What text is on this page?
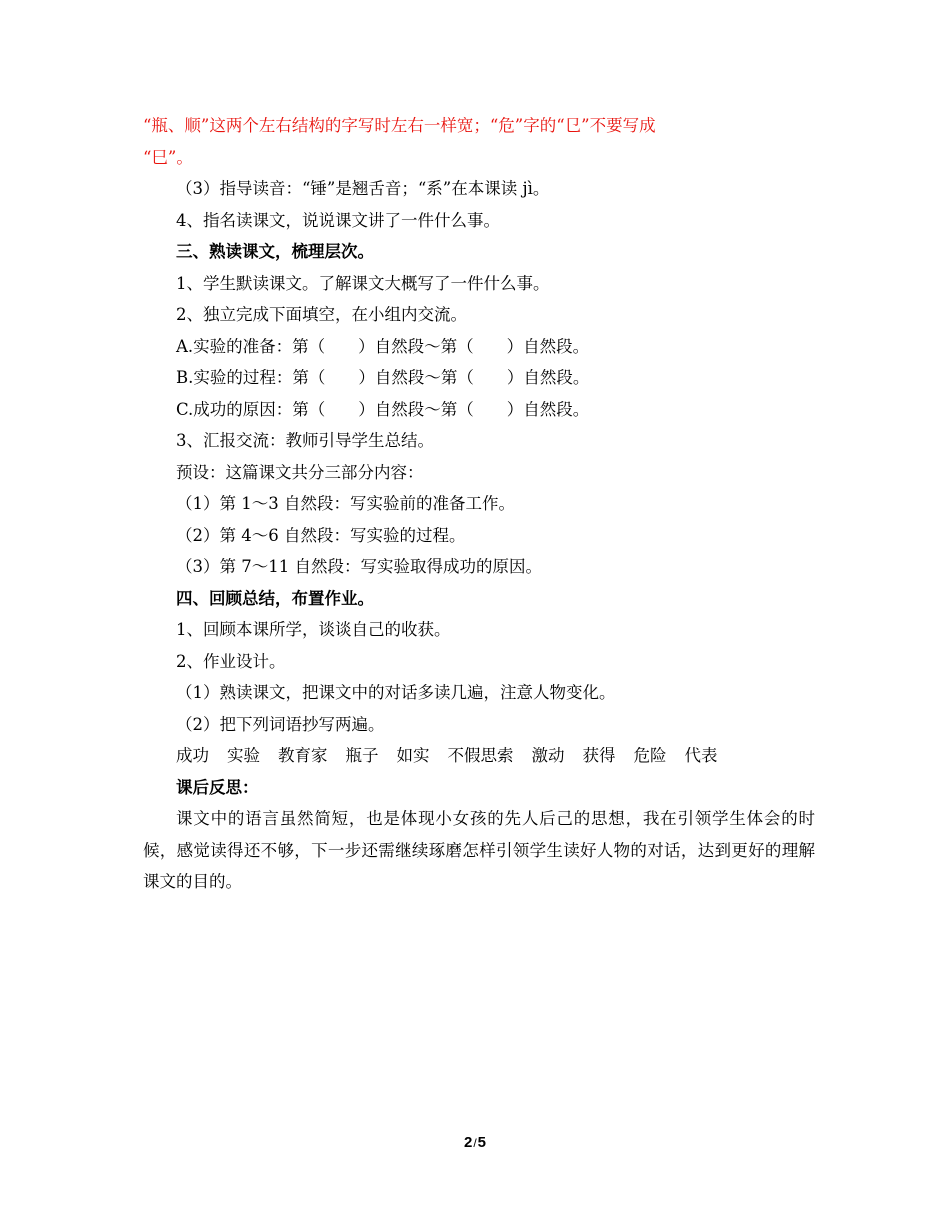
“瓶、顺”这两个左右结构的字写时左右一样宽；“危”字的“㔾”不要写成
“巳”。
（3）指导读音：“锤”是翘舌音；“系”在本课读 jì。
4、指名读课文，说说课文讲了一件什么事。
三、熟读课文，梳理层次。
1、学生默读课文。了解课文大概写了一件什么事。
2、独立完成下面填空，在小组内交流。
A.实验的准备：第（　　）自然段～第（　　）自然段。
B.实验的过程：第（　　）自然段～第（　　）自然段。
C.成功的原因：第（　　）自然段～第（　　）自然段。
3、汇报交流：教师引导学生总结。
预设：这篇课文共分三部分内容：
（1）第 1～3 自然段：写实验前的准备工作。
（2）第 4～6 自然段：写实验的过程。
（3）第 7～11 自然段：写实验取得成功的原因。
四、回顾总结，布置作业。
1、回顾本课所学，谈谈自己的收获。
2、作业设计。
（1）熟读课文，把课文中的对话多读几遍，注意人物变化。
（2）把下列词语抄写两遍。
成功 实验 教育家 瓶子 如实 不假思索 激动 获得 危险 代表
课后反思：
课文中的语言虽然简短，也是体现小女孩的先人后己的思想，我在引领学生体会的时候，感觉读得还不够，下一步还需继续琢磨怎样引领学生读好人物的对话，达到更好的理解课文的目的。
2/5
